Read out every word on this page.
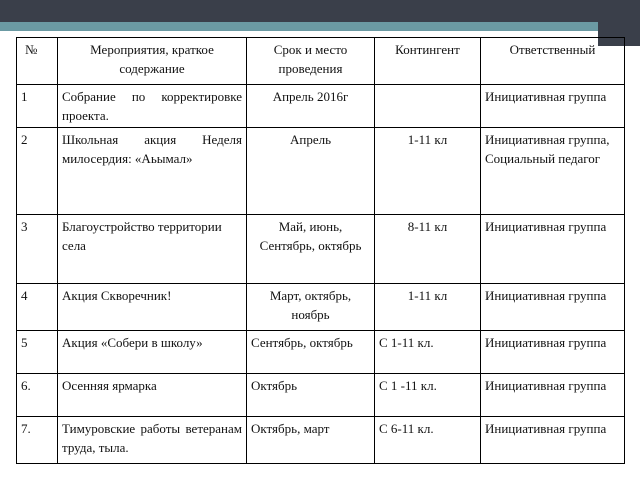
№	Мероприятия, краткое содержание	Срок и место проведения	Контингент	Ответственный
1	Собрание по корректировке проекта.	Апрель 2016г		Инициативная группа
2	Школьная акция Неделя милосердия: «Аьымал»	Апрель	1-11 кл	Инициативная группа, Социальный педагог
3	Благоустройство территории села	Май, июнь, Сентябрь, октябрь	8-11 кл	Инициативная группа
4	Акция Скворечник!	Март, октябрь, ноябрь	1-11 кл	Инициативная группа
5	Акция «Собери в школу»	Сентябрь, октябрь	С 1-11 кл.	Инициативная группа
6.	Осенняя ярмарка	Октябрь	С 1 -11 кл.	Инициативная группа
7.	Тимуровские работы ветеранам труда, тыла.	Октябрь, март	С 6-11 кл.	Инициативная группа
